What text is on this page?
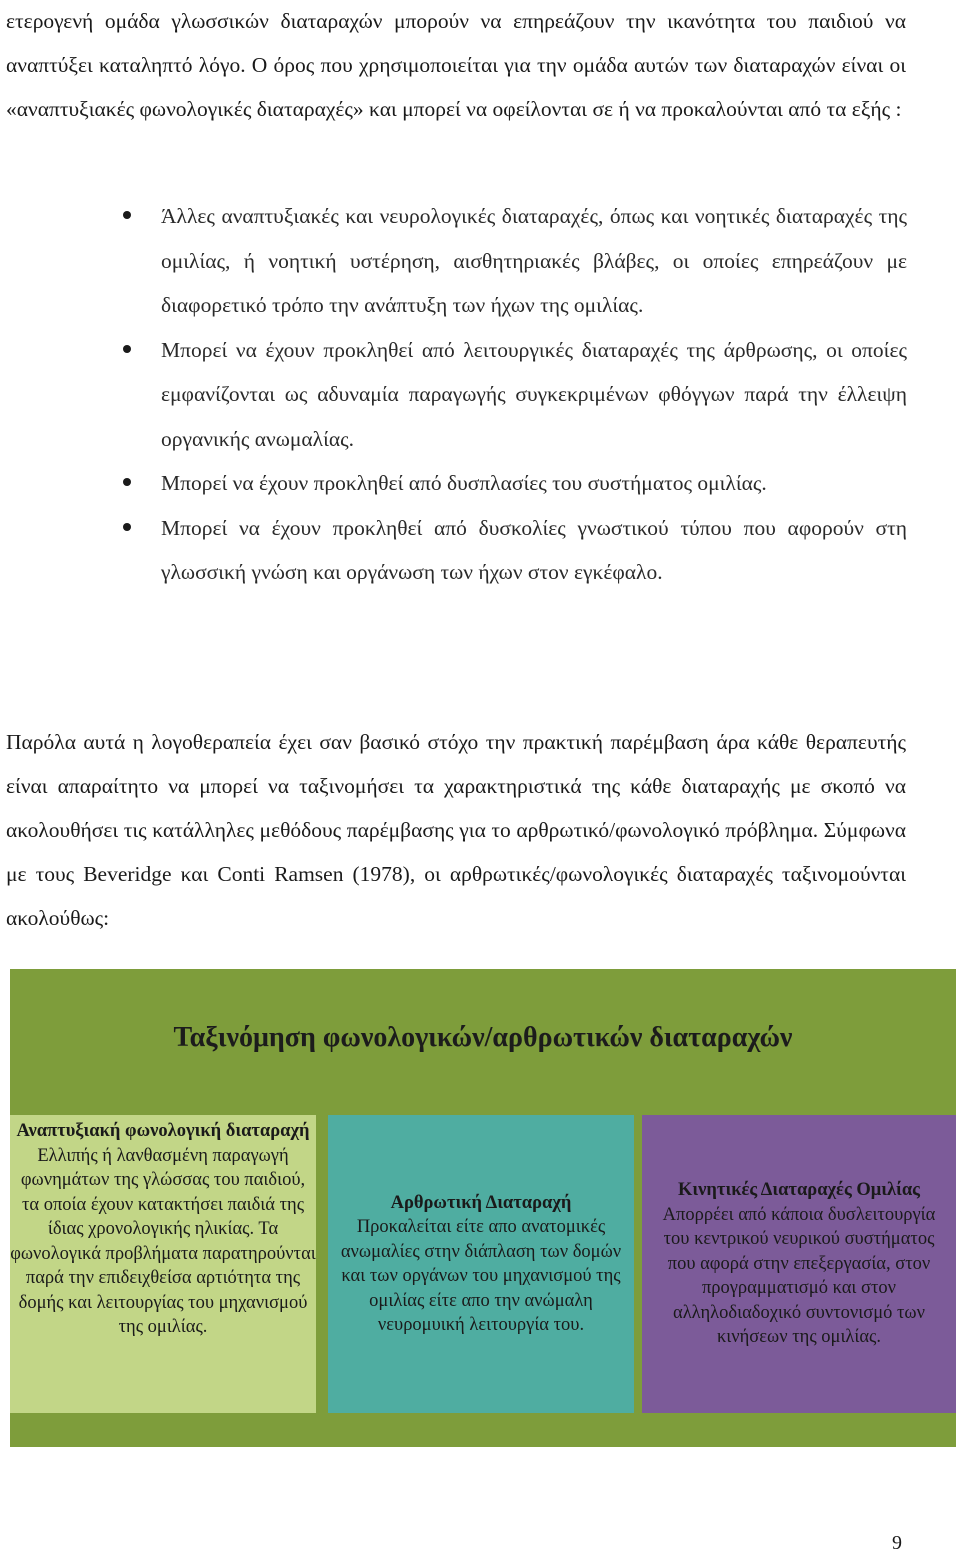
ετερογενή ομάδα γλωσσικών διαταραχών μπορούν να επηρεάζουν την ικανότητα του παιδιού να αναπτύξει καταληπτό λόγο. Ο όρος που χρησιμοποιείται για την ομάδα αυτών των διαταραχών είναι οι «αναπτυξιακές φωνολογικές διαταραχές» και μπορεί να οφείλονται σε ή να προκαλούνται από τα εξής :

Άλλες αναπτυξιακές και νευρολογικές διαταραχές, όπως και νοητικές διαταραχές της ομιλίας, ή νοητική υστέρηση, αισθητηριακές βλάβες, οι οποίες επηρεάζουν με διαφορετικό τρόπο την ανάπτυξη των ήχων της ομιλίας.
Μπορεί να έχουν προκληθεί από λειτουργικές διαταραχές της άρθρωσης, οι οποίες εμφανίζονται ως αδυναμία παραγωγής συγκεκριμένων φθόγγων παρά την έλλειψη οργανικής ανωμαλίας.
Μπορεί να έχουν προκληθεί από δυσπλασίες του συστήματος ομιλίας.
Μπορεί να έχουν προκληθεί από δυσκολίες γνωστικού τύπου που αφορούν στη γλωσσική γνώση και οργάνωση των ήχων στον εγκέφαλο.

Παρόλα αυτά η λογοθεραπεία έχει σαν βασικό στόχο την πρακτική παρέμβαση άρα κάθε θεραπευτής είναι απαραίτητο να μπορεί να ταξινομήσει τα χαρακτηριστικά της κάθε διαταραχής με σκοπό να ακολουθήσει τις κατάλληλες μεθόδους παρέμβασης για το αρθρωτικό/φωνολογικό πρόβλημα. Σύμφωνα με τους Beveridge και Conti Ramsen (1978), οι αρθρωτικές/φωνολογικές διαταραχές ταξινομούνται ακολούθως:

Ταξινόμηση φωνολογικών/αρθρωτικών διαταραχών
Αναπτυξιακή φωνολογική διαταραχή
Ελλιπής ή λανθασμένη παραγωγή φωνημάτων της γλώσσας του παιδιού, τα οποία έχουν κατακτήσει παιδιά της ίδιας χρονολογικής ηλικίας. Τα φωνολογικά προβλήματα παρατηρούνται παρά την επιδειχθείσα αρτιότητα της δομής και λειτουργίας του μηχανισμού της ομιλίας.
Αρθρωτική Διαταραχή
Προκαλείται είτε απο ανατομικές ανωμαλίες στην διάπλαση των δομών και των οργάνων του μηχανισμού της ομιλίας είτε απο την ανώμαλη νευρομυική λειτουργία του.
Κινητικές Διαταραχές Ομιλίας
Απορρέει από κάποια δυσλειτουργία του κεντρικού νευρικού συστήματος που αφορά στην επεξεργασία, στον προγραμματισμό και στον αλληλοδιαδοχικό συντονισμό των κινήσεων της ομιλίας.
9
